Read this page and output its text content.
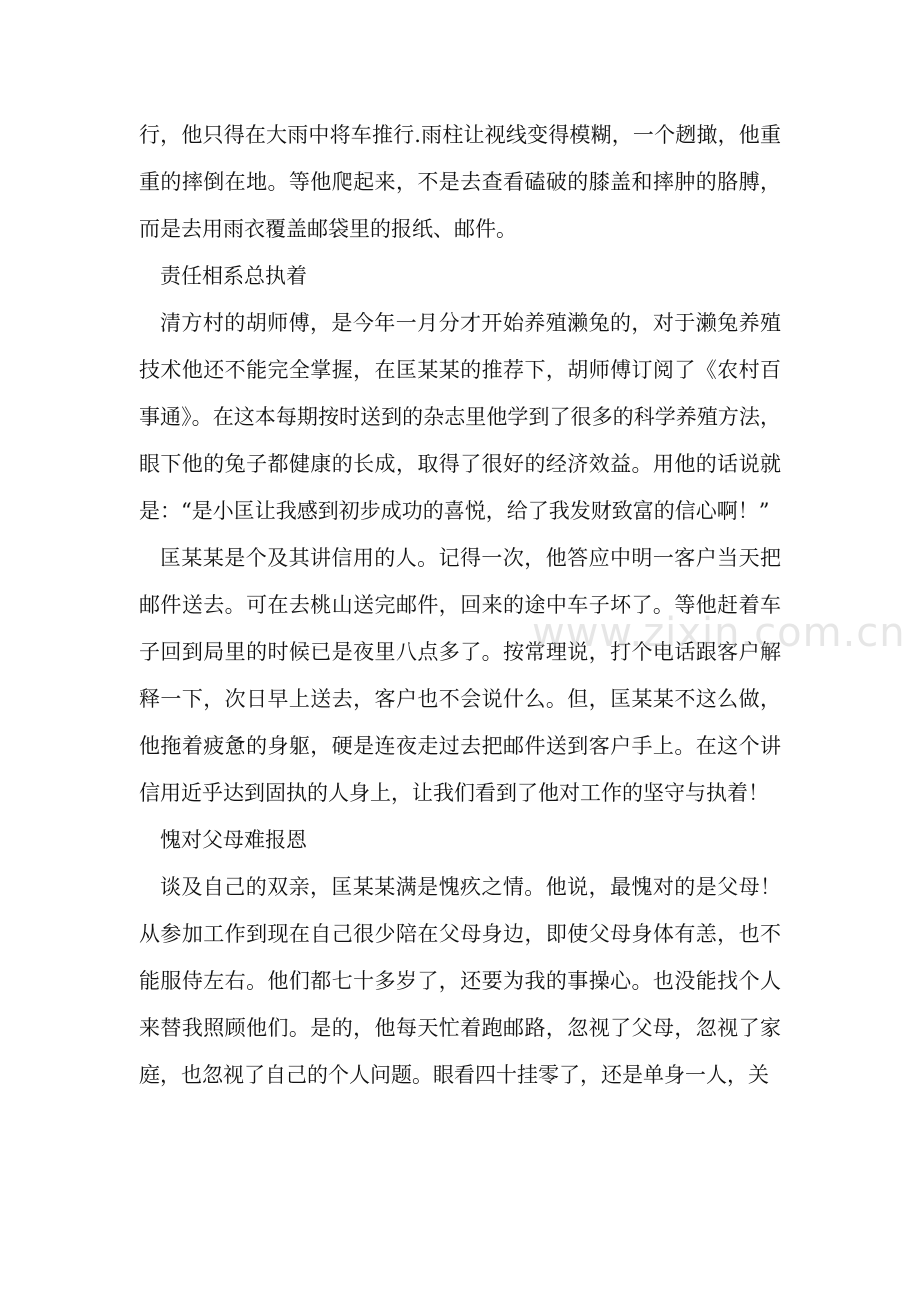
行，他只得在大雨中将车推行.雨柱让视线变得模糊，一个趔撖，他重重的摔倒在地。等他爬起来，不是去查看磕破的膝盖和摔肿的胳膊，而是去用雨衣覆盖邮袋里的报纸、邮件。

责任相系总执着

清方村的胡师傅，是今年一月分才开始养殖濑兔的，对于濑兔养殖技术他还不能完全掌握，在匡某某的推荐下，胡师傅订阅了《农村百事通》。在这本每期按时送到的杂志里他学到了很多的科学养殖方法，眼下他的兔子都健康的长成，取得了很好的经济效益。用他的话说就是：“是小匡让我感到初步成功的喜悦，给了我发财致富的信心啊！”

匡某某是个及其讲信用的人。记得一次，他答应中明一客户当天把邮件送去。可在去桃山送完邮件，回来的途中车子坏了。等他赶着车子回到局里的时候已是夜里八点多了。按常理说，打个电话跟客户解释一下，次日早上送去，客户也不会说什么。但，匡某某不这么做，他拖着疲惫的身躯，硬是连夜走过去把邮件送到客户手上。在这个讲信用近乎达到固执的人身上，让我们看到了他对工作的坚守与执着！

愧对父母难报恩

谈及自己的双亲，匡某某满是愧疚之情。他说，最愧对的是父母！从参加工作到现在自己很少陪在父母身边，即使父母身体有恙，也不能服侍左右。他们都七十多岁了，还要为我的事操心。也没能找个人来替我照顾他们。是的，他每天忙着跑邮路，忽视了父母，忽视了家庭，也忽视了自己的个人问题。眼看四十挂零了，还是单身一人，关

www.zixin.com.cn
